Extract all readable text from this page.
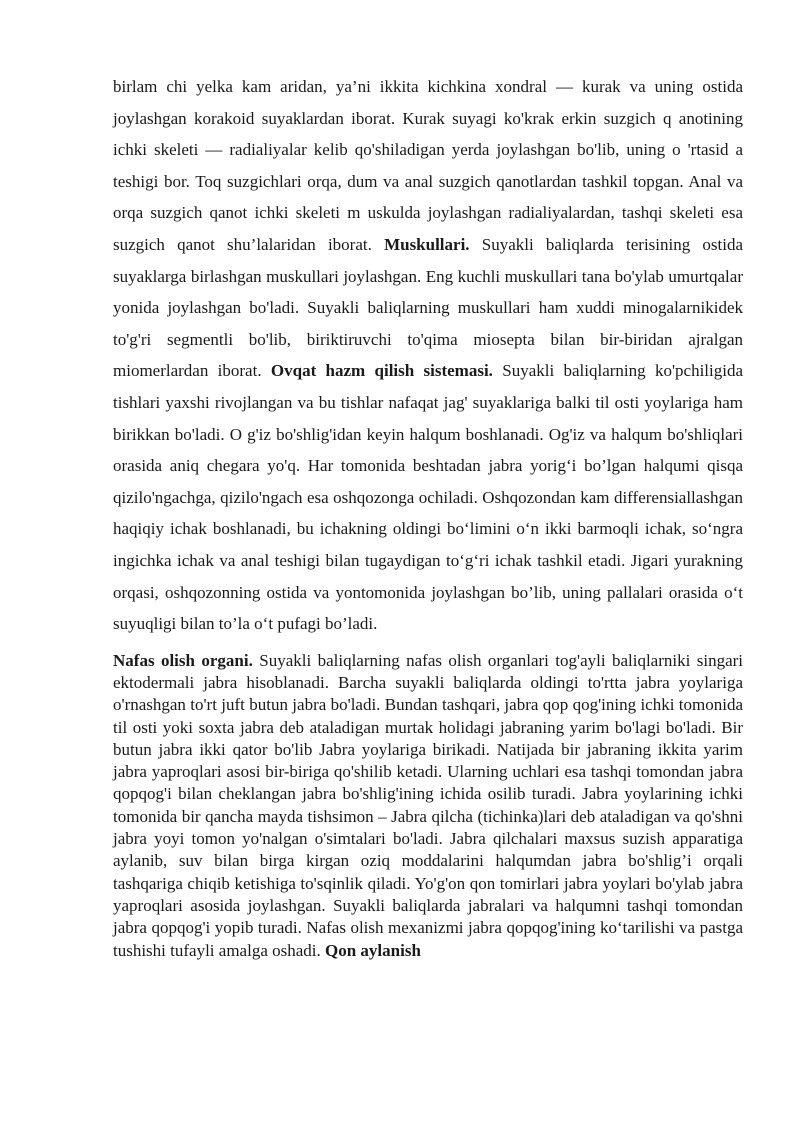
birlam chi yelka kam aridan, ya’ni ikkita kichkina xondral — kurak va uning ostida joylashgan korakoid suyaklardan iborat. Kurak suyagi ko'krak erkin suzgich q anotining ichki skeleti — radialiyalar kelib qo'shiladigan yerda joylashgan bo'lib, uning o 'rtasid a teshigi bor. Toq suzgichlari orqa, dum va anal suzgich qanotlardan tashkil topgan. Anal va orqa suzgich qanot ichki skeleti m uskulda joylashgan radialiyalardan, tashqi skeleti esa suzgich qanot shu’lalaridan iborat. Muskullari. Suyakli baliqlarda terisining ostida suyaklarga birlashgan muskullari joylashgan. Eng kuchli muskullari tana bo'ylab umurtqalar yonida joylashgan bo'ladi. Suyakli baliqlarning muskullari ham xuddi minogalarnikidek to'g'ri segmentli bo'lib, biriktiruvchi to'qima miosepta bilan bir-biridan ajralgan miomerlardan iborat. Ovqat hazm qilish sistemasi. Suyakli baliqlarning ko'pchiligida tishlari yaxshi rivojlangan va bu tishlar nafaqat jag' suyaklariga balki til osti yoylariga ham birikkan bo'ladi. O g'iz bo'shlig'idan keyin halqum boshlanadi. Og'iz va halqum bo'shliqlari orasida aniq chegara yo'q. Har tomonida beshtadan jabra yorig‘i bo’lgan halqumi qisqa qizilo'ngachga, qizilo'ngach esa oshqozonga ochiladi. Oshqozondan kam differensiallashgan haqiqiy ichak boshlanadi, bu ichakning oldingi bo‘limini o‘n ikki barmoqli ichak, so‘ngra ingichka ichak va anal teshigi bilan tugaydigan to‘g‘ri ichak tashkil etadi. Jigari yurakning orqasi, oshqozonning ostida va yontomonida joylashgan bo’lib, uning pallalari orasida o‘t suyuqligi bilan to’la o‘t pufagi bo’ladi.

Nafas olish organi. Suyakli baliqlarning nafas olish organlari tog'ayli baliqlarniki singari ektodermali jabra hisoblanadi. Barcha suyakli baliqlarda oldingi to'rtta jabra yoylariga o'rnashgan to'rt juft butun jabra bo'ladi. Bundan tashqari, jabra qop qog'ining ichki tomonida til osti yoki soxta jabra deb ataladigan murtak holidagi jabraning yarim bo'lagi bo'ladi. Bir butun jabra ikki qator bo'lib Jabra yoylariga birikadi. Natijada bir jabraning ikkita yarim jabra yaproqlari asosi bir-biriga qo'shilib ketadi. Ularning uchlari esa tashqi tomondan jabra qopqog'i bilan cheklangan jabra bo'shlig'ining ichida osilib turadi. Jabra yoylarining ichki tomonida bir qancha mayda tishsimon – Jabra qilcha (tichinka)lari deb ataladigan va qo'shni jabra yoyi tomon yo'nalgan o'simtalari bo'ladi. Jabra qilchalari maxsus suzish apparatiga aylanib, suv bilan birga kirgan oziq moddalarini halqumdan jabra bo'shlig’i orqali tashqariga chiqib ketishiga to'sqinlik qiladi. Yo'g'on qon tomirlari jabra yoylari bo'ylab jabra yaproqlari asosida joylashgan. Suyakli baliqlarda jabralari va halqumni tashqi tomondan jabra qopqog'i yopib turadi. Nafas olish mexanizmi jabra qopqog'ining ko‘tarilishi va pastga tushishi tufayli amalga oshadi. Qon aylanish
